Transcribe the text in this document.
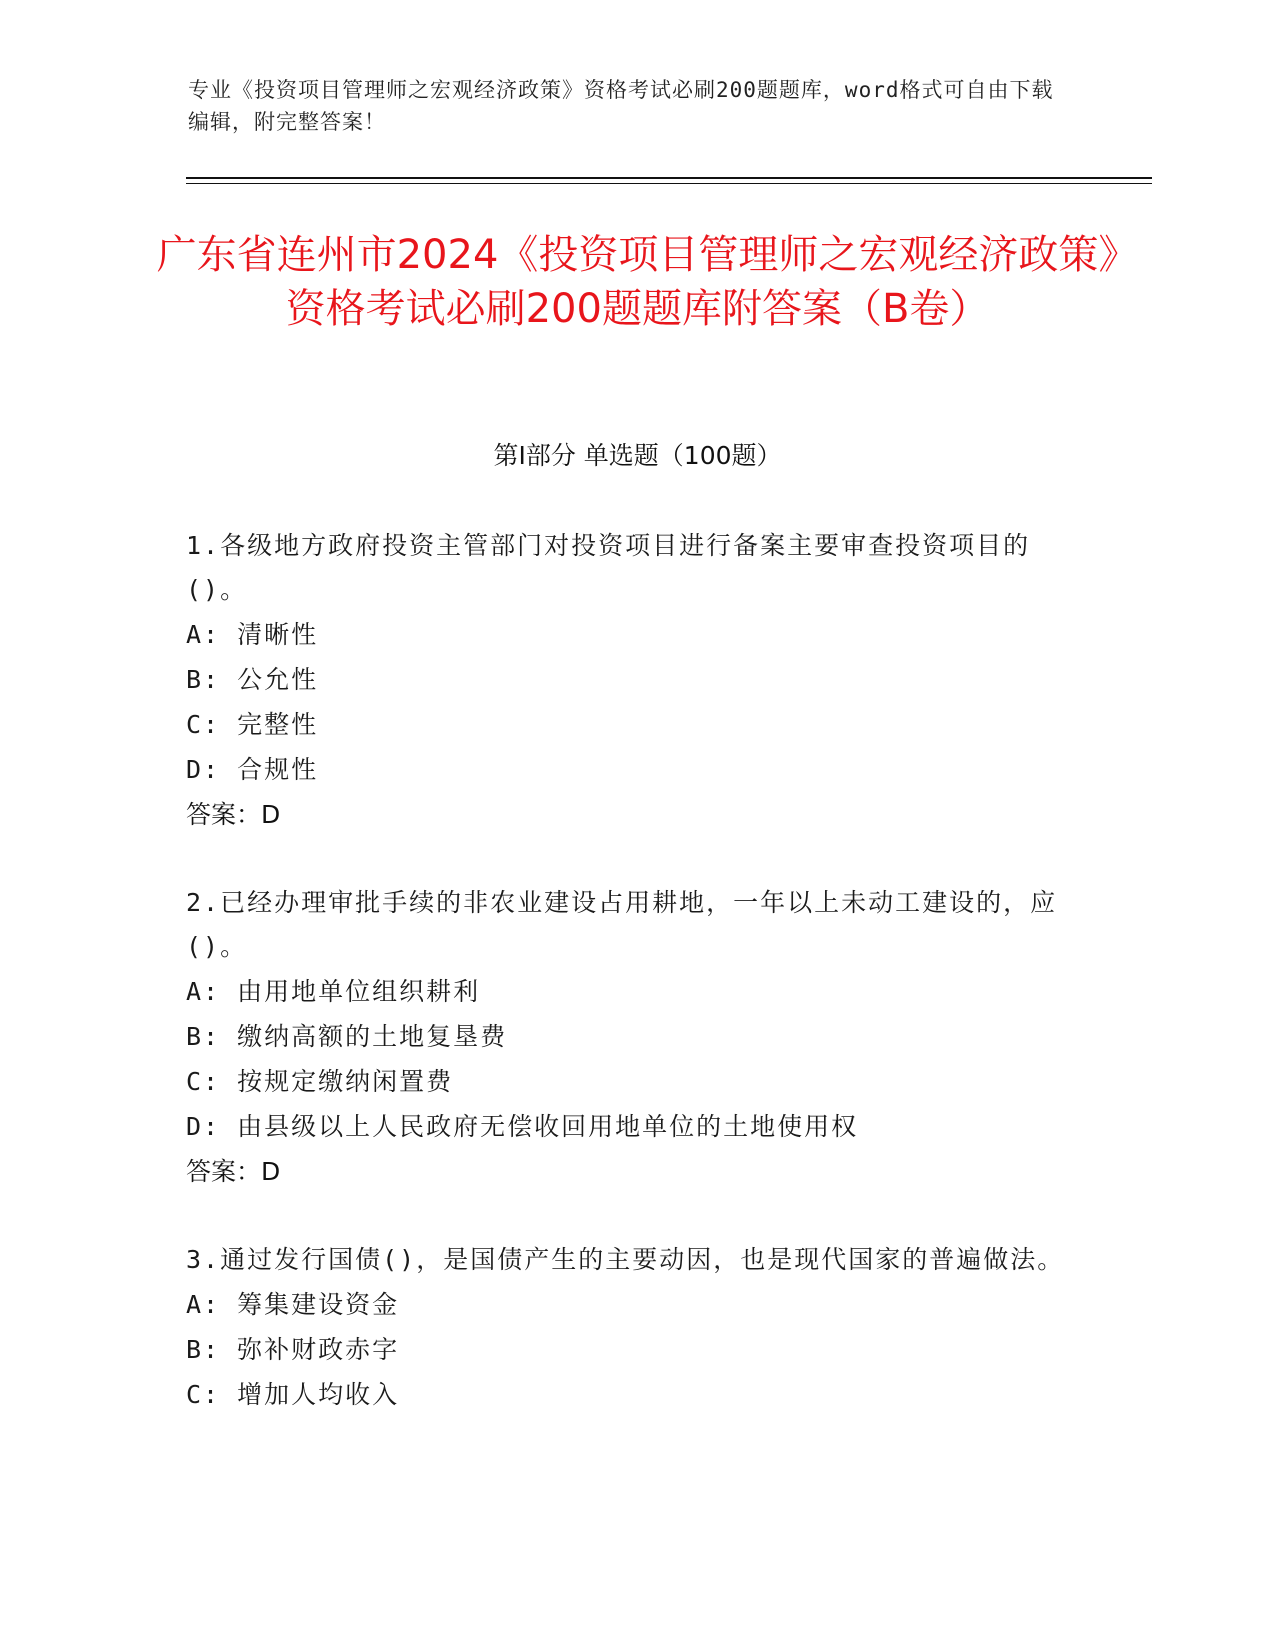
专业《投资项目管理师之宏观经济政策》资格考试必刷200题题库，word格式可自由下载编辑，附完整答案！
广东省连州市2024《投资项目管理师之宏观经济政策》资格考试必刷200题题库附答案（B卷）
第Ⅰ部分 单选题（100题）
1.各级地方政府投资主管部门对投资项目进行备案主要审查投资项目的()。
A: 清晰性
B: 公允性
C: 完整性
D: 合规性
答案：D
2.已经办理审批手续的非农业建设占用耕地，一年以上未动工建设的，应()。
A: 由用地单位组织耕利
B: 缴纳高额的土地复垦费
C: 按规定缴纳闲置费
D: 由县级以上人民政府无偿收回用地单位的土地使用权
答案：D
3.通过发行国债()，是国债产生的主要动因，也是现代国家的普遍做法。
A: 筹集建设资金
B: 弥补财政赤字
C: 增加人均收入
